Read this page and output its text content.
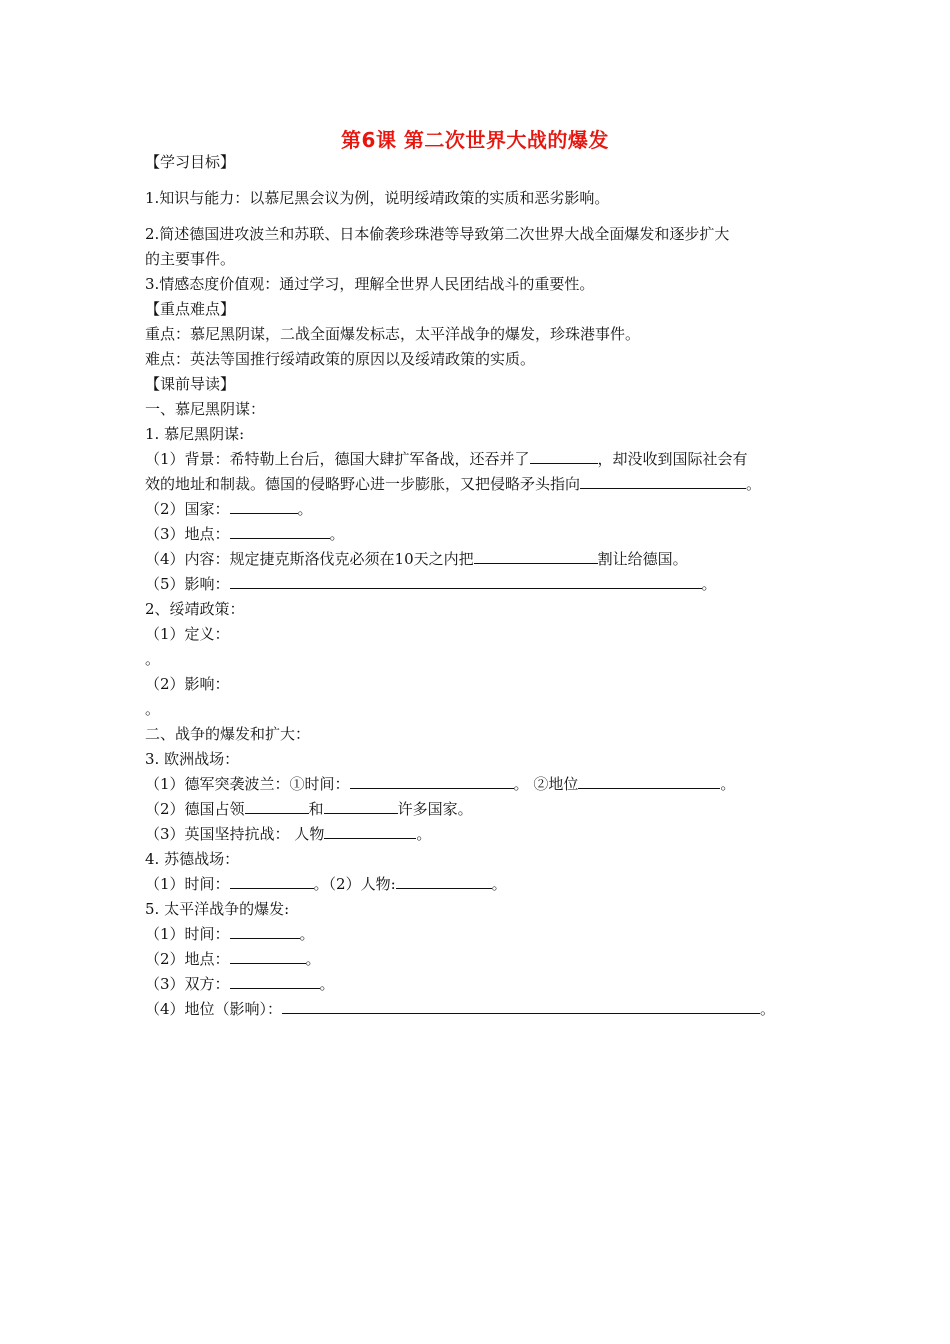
第6课 第二次世界大战的爆发
【学习目标】
1.知识与能力：以慕尼黑会议为例，说明绥靖政策的实质和恶劣影响。
2.简述德国进攻波兰和苏联、日本偷袭珍珠港等导致第二次世界大战全面爆发和逐步扩大
的主要事件。
3.情感态度价值观：通过学习，理解全世界人民团结战斗的重要性。
【重点难点】
重点：慕尼黑阴谋，二战全面爆发标志，太平洋战争的爆发，珍珠港事件。
难点：英法等国推行绥靖政策的原因以及绥靖政策的实质。
【课前导读】
一、慕尼黑阴谋：
1. 慕尼黑阴谋:
（1）背景：希特勒上台后，德国大肆扩军备战，还吞并了	，却没收到国际社会有
效的地址和制裁。德国的侵略野心进一步膨胀，又把侵略矛头指向	。
（2）国家：	。
（3）地点：	。
（4）内容：规定捷克斯洛伐克必须在10天之内把	割让给德国。
（5）影响：	。
2、绥靖政策：
（1）定义：
。
（2）影响：
。
二、战争的爆发和扩大：
3. 欧洲战场：
（1）德军突袭波兰：①时间：	。 ②地位	。
（2）德国占领	和	许多国家。
（3）英国坚持抗战： 人物	。
4. 苏德战场：
（1）时间：	。（2）人物:	。
5. 太平洋战争的爆发:
（1）时间：	。
（2）地点：	。
（3）双方：	。
（4）地位（影响）：	。
